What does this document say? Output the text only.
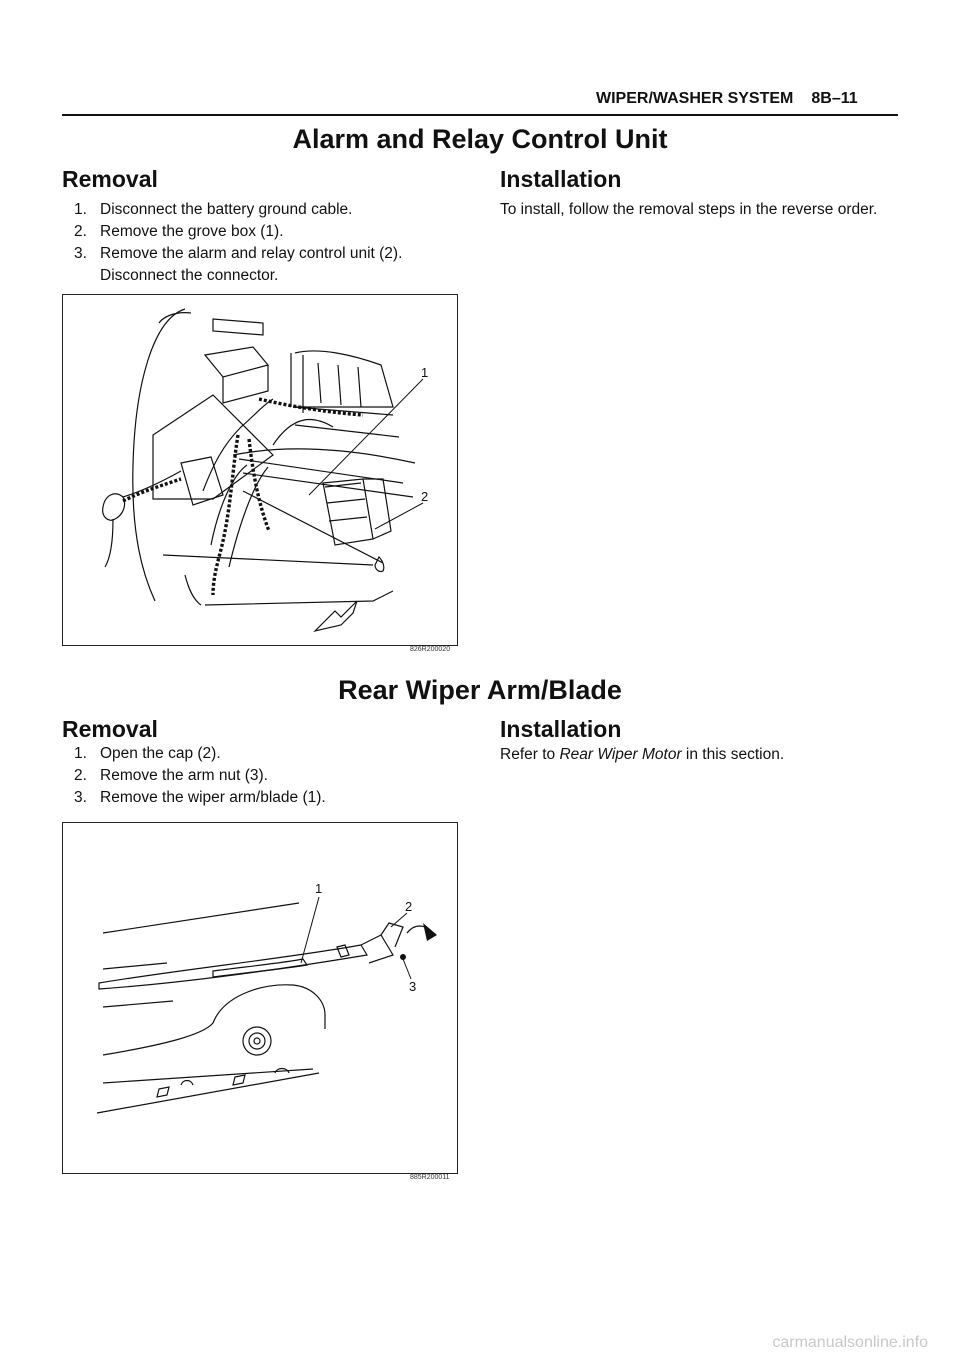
WIPER/WASHER SYSTEM 8B–11
Alarm and Relay Control Unit
Removal
1. Disconnect the battery ground cable.
2. Remove the grove box (1).
3. Remove the alarm and relay control unit (2).
Disconnect the connector.
Installation
To install, follow the removal steps in the reverse order.
1
2
826R200020
Rear Wiper Arm/Blade
Removal
1. Open the cap (2).
2. Remove the arm nut (3).
3. Remove the wiper arm/blade (1).
Installation
Refer to Rear Wiper Motor in this section.
1
2
3
885R200011
carmanualsonline.info
